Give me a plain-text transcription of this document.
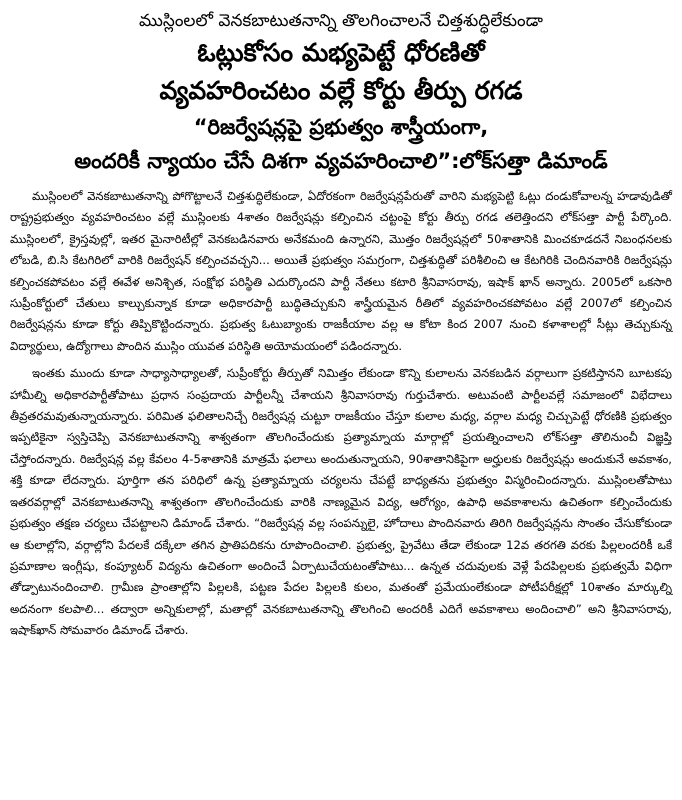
ముస్లింలలో వెనకబాటుతనాన్ని తొలగించాలనే చిత్తశుద్ధిలేకుండా
ఓట్లుకోసం మభ్యపెట్టే ధోరణితో
వ్యవహరించటం వల్లే కోర్టు తీర్పు రగడ
“రిజర్వేషన్లపై ప్రభుత్వం శాస్త్రీయంగా,
అందరికీ న్యాయం చేసే దిశగా వ్యవహరించాలి”:లోక్‌సత్తా డిమాండ్

ముస్లింలలో వెనకబాటుతనాన్ని పోగొట్టాలనే చిత్తశుద్ధిలేకుండా, ఏదోరకంగా రిజర్వేషన్లపేరుతో వారిని మభ్యపెట్టి ఓట్లు దండుకోవాలన్న హడావుడితో రాష్ట్రప్రభుత్వం వ్యవహరించటం వల్లే ముస్లింలకు 4శాతం రిజర్వేషన్లు కల్పించిన చట్టంపై కోర్టు తీర్పు రగడ తలెత్తిందని లోక్‌సత్తా పార్టీ పేర్కొంది. ముస్లింలలో, క్రైస్తవుల్లో, ఇతర మైనారిటీల్లో వెనకబడినవారు అనేకమంది ఉన్నారని, మొత్తం రిజర్వేషన్లలో 50శాతానికి మించకూడదనే నిబంధనలకు లోబడి, బి.సి కేటగిరిలో వారికి రిజర్వేషన్ కల్పించవచ్చని... అయితే ప్రభుత్వం సమగ్రంగా, చిత్తశుద్ధితో పరిశీలించి ఆ కేటగిరికి చెందినవారికి రిజర్వేషన్లు కల్పించకపోవటం వల్లే ఈవేళ అనిశ్చిత, సంక్షోభ పరిస్థితి ఎదుర్కొందని పార్టీ నేతలు కటారి శ్రీనివాసరావు, ఇషాక్ ఖాన్ అన్నారు. 2005లో ఒకసారి సుప్రీంకోర్టులో చేతులు కాల్చుకున్నాక కూడా అధికారపార్టీ బుద్ధితెచ్చుకుని శాస్త్రీయమైన రీతిలో వ్యవహరించకపోవటం వల్లే 2007లో కల్పించిన రిజర్వేషన్లను కూడా కోర్టు తిప్పికొట్టిందన్నారు. ప్రభుత్వ ఓటుబ్యాంకు రాజకీయాల వల్ల ఆ కోటా కింద 2007 నుంచి కళాశాలల్లో సీట్లు తెచ్చుకున్న విద్యార్థులు, ఉద్యోగాలు పొందిన ముస్లిం యువత పరిస్థితి అయోమయంలో పడిందన్నారు.

ఇంతకు ముందు కూడా సాధ్యాసాధ్యాలతో, సుప్రీంకోర్టు తీర్పుతో నిమిత్తం లేకుండా కొన్ని కులాలను వెనకబడిన వర్గాలుగా ప్రకటిస్తానని బూటకపు హామీల్ని అధికారపార్టీతోపాటు ప్రధాన సంప్రదాయ పార్టీలన్నీ చేశాయని శ్రీనివాసరావు గుర్తుచేశారు. అటువంటి పార్టీలవల్లే సమాజంలో విభేదాలు తీవ్రతరమవుతున్నాయన్నారు. పరిమిత ఫలితాలనిచ్చే రిజర్వేషన్ల చుట్టూ రాజకీయం చేస్తూ కులాల మధ్య, వర్గాల మధ్య చిచ్చుపెట్టే ధోరణికి ప్రభుత్వం ఇప్పటికైనా స్వస్తిచెప్పి వెనకబాటుతనాన్ని శాశ్వతంగా తొలగించేందుకు ప్రత్యామ్నాయ మార్గాల్లో ప్రయత్నించాలని లోక్‌సత్తా తొలినుంచీ విజ్ఞప్తి చేస్తోందన్నారు. రిజర్వేషన్ల వల్ల కేవలం 4-5శాతానికి మాత్రమే ఫలాలు అందుతున్నాయని, 90శాతానికిపైగా అర్హులకు రిజర్వేషన్లు అందుకునే అవకాశం, శక్తి కూడా లేదన్నారు. పూర్తిగా తన పరిధిలో ఉన్న ప్రత్యామ్నాయ చర్యలను చేపట్టే బాధ్యతను ప్రభుత్వం విస్మరించిందన్నారు. ముస్లింలతోపాటు ఇతరవర్గాల్లో వెనకబాటుతనాన్ని శాశ్వతంగా తొలగించేందుకు వారికి నాణ్యమైన విద్య, ఆరోగ్యం, ఉపాధి అవకాశాలను ఉచితంగా కల్పించేందుకు ప్రభుత్వం తక్షణ చర్యలు చేపట్టాలని డిమాండ్ చేశారు. “రిజర్వేషన్ల వల్ల సంపన్నులై, హోదాలు పొందినవారు తిరిగి రిజర్వేషన్లను సొంతం చేసుకోకుండా ఆ కులాల్లోని, వర్గాల్లోని పేదలకే దక్కేలా తగిన ప్రాతిపదికను రూపొందించాలి. ప్రభుత్వ, ప్రైవేటు తేడా లేకుండా 12వ తరగతి వరకు పిల్లలందరికీ ఒకే ప్రమాణాల ఇంగ్లీషు, కంప్యూటర్ విద్యను ఉచితంగా అందించే ఏర్పాటుచేయటంతోపాటు... ఉన్నత చదువులకు వెళ్లే పేదపిల్లలకు ప్రభుత్వమే విధిగా తోడ్పాటునందించాలి. గ్రామీణ ప్రాంతాల్లోని పిల్లలకి, పట్టణ పేదల పిల్లలకి కులం, మతంతో ప్రమేయంలేకుండా పోటీపరీక్షల్లో 10శాతం మార్కుల్ని అదనంగా కలపాలి... తద్వారా అన్నికులాల్లో, మతాల్లో వెనకబాటుతనాన్ని తొలగించి అందరికీ ఎదిగే అవకాశాలు అందించాలి” అని శ్రీనివాసరావు, ఇషాక్‌ఖాన్ సోమవారం డిమాండ్ చేశారు.
